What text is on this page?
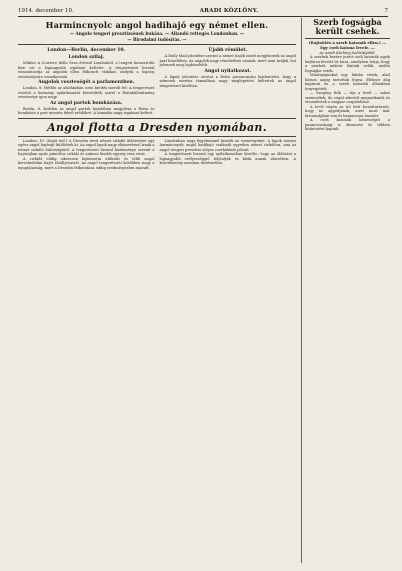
1914. december 10.	ARADI KÖZLÖNY.	7
Harmincnyolc angol hadihajó egy német ellen.
— Angolo tengeri presztizsének bukása. — Állandó rettegés Londonban. —
— Birodalmi tudósítás. —
London—Berlin, december 10.
London szilaj.

Miként A Corriere della Sera értesül Londonból, a tengeri katasztrófa híre ott a legnagyobb izgalmat keltette. A tengerészeti hivatal visszautasítja az angolok ellen felhozott vádakat, melyek a hajóraj veszteségeire vonatkoznak.

Angolok veszteségét a parlamentben.

London, 8. Hétfőn az alsóházban ezen kérdés merült fel: A tengerészet vezetői a kormány nyilatkozatát követelték, mivel a flottakülönítmény vesztesége igen nagy.

Az angol partok bombázása.

Berlin, 8. Kedden az angol partok közelében megjelent a flotta és bombázta a part mentén fekvő erődöket. A támadás nagy izgalmat keltett.

Újabb rémület.

A Daily Mail jelentése szerint a német hajók ismét megjelentek az angol part közelében. Az angolok nagy rémületben vannak, mert nem tudják, hol jelennek meg legközelebb.

Angol nyilatkozat.

A lapok jelentése szerint a flotta parancsnoka kijelentette, hogy a németek merész támadásai nagy meglepetést keltettek az angol tengerészet körében.

Angol flotta a Dresden nyomában.

London, 10. (Saját tud.) A Dresden nevű német cirkáló üldözésére egy egész angol hajórajt küldöttek ki. Az angol lapok nagy elismeréssel írnak a német cirkáló bátorságáról. A tengerészeti hivatal közleménye szerint a hajórajban nyolc páncélos cirkáló és számos kisebb egység vesz részt.

A cirkáló eddig sikeresen kijátszotta üldözőit és több angol kereskedelmi hajót elsüllyesztett. Az angol tengerészeti körökben nagy a nyugtalanság, mert a Dresden felkutatása eddig eredménytelen maradt.

Londonban nagy figyelemmel kísérik az eseményeket. A lapok szerint harmincnyolc angol hadihajó vadászik egyetlen német cirkálóra, ami az angol tengeri presztizs súlyos csorbulását jelenti.

A tengerészeti hivatal egy nyilatkozatban közölte, hogy az üldözést a legnagyobb erélyességgel folytatják és bízik annak sikerében. A közvélemény azonban türelmetlen.

Szerb fogságba került csehek.
(Rajtaütés a szerb katonák ellen.) — Egy cseh katona levele. —
Az Aradi Közlöny tudósítójától.

A szerbek kezére jutott cseh katonák egyik bajtársa levelet írt haza, amelyben leírja, hogy a szerbek miként bántak velük, midőn fogságba estek.

Mindnyájunkat egy faluba vittek, ahol három napig tartottak fogva. Élelmet alig kaptunk és a szerb katonák állandóan fenyegettek.

— Szegény fiúk — írja a levél — sokat szenvedtek, de végül sikerült megszökniök és visszatértek a magyar csapatokhoz.

A levél végén az író kéri hozzátartozóit, hogy ne aggódjanak, mert most már biztonságban van és hamarosan hazatér.

A cseh katonák hősiességét a parancsnokság is elismerte és többen kitüntetést kaptak.
